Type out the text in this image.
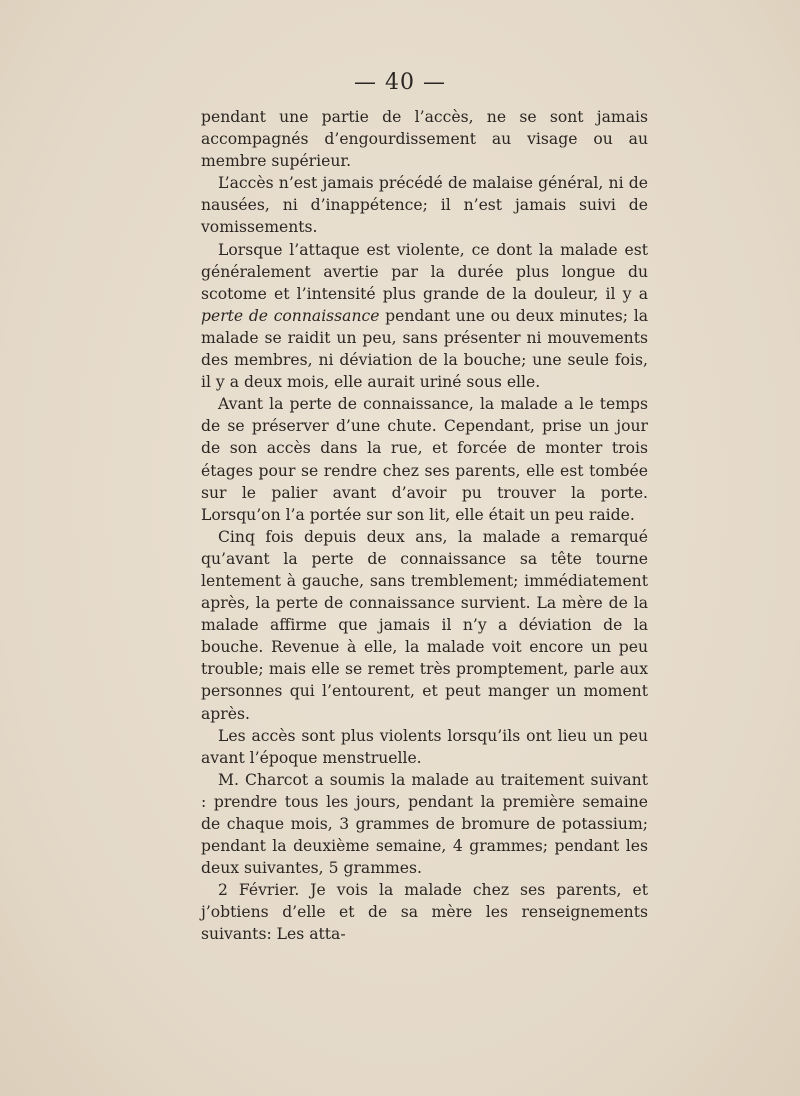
— 40 —

pendant une partie de l’accès, ne se sont jamais accompagnés d’engourdissement au visage ou au membre supérieur.

L’accès n’est jamais précédé de malaise général, ni de nausées, ni d’inappétence; il n’est jamais suivi de vomissements.

Lorsque l’attaque est violente, ce dont la malade est généralement avertie par la durée plus longue du scotome et l’intensité plus grande de la douleur, il y a perte de connaissance pendant une ou deux minutes; la malade se raidit un peu, sans présenter ni mouvements des membres, ni déviation de la bouche; une seule fois, il y a deux mois, elle aurait uriné sous elle.

Avant la perte de connaissance, la malade a le temps de se préserver d’une chute. Cependant, prise un jour de son accès dans la rue, et forcée de monter trois étages pour se rendre chez ses parents, elle est tombée sur le palier avant d’avoir pu trouver la porte. Lorsqu’on l’a portée sur son lit, elle était un peu raide.

Cinq fois depuis deux ans, la malade a remarqué qu’avant la perte de connaissance sa tête tourne lentement à gauche, sans tremblement; immédiatement après, la perte de connaissance survient. La mère de la malade affirme que jamais il n’y a déviation de la bouche. Revenue à elle, la malade voit encore un peu trouble; mais elle se remet très promptement, parle aux personnes qui l’entourent, et peut manger un moment après.

Les accès sont plus violents lorsqu’ils ont lieu un peu avant l’époque menstruelle.

M. Charcot a soumis la malade au traitement suivant : prendre tous les jours, pendant la première semaine de chaque mois, 3 grammes de bromure de potassium; pendant la deuxième semaine, 4 grammes; pendant les deux suivantes, 5 grammes.

2 Février. Je vois la malade chez ses parents, et j’obtiens d’elle et de sa mère les renseignements suivants: Les atta-
